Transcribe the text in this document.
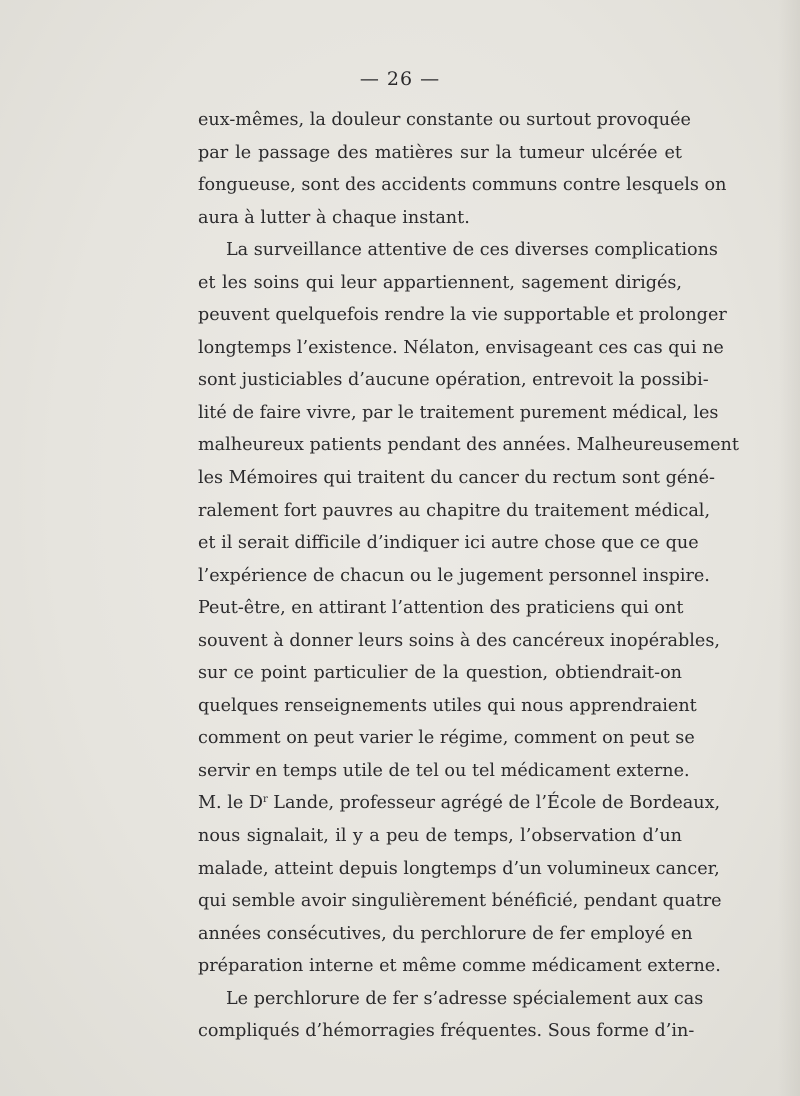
— 26 —
eux-mêmes, la douleur constante ou surtout provoquée
par le passage des matières sur la tumeur ulcérée et
fongueuse, sont des accidents communs contre lesquels on
aura à lutter à chaque instant.
La surveillance attentive de ces diverses complications
et les soins qui leur appartiennent, sagement dirigés,
peuvent quelquefois rendre la vie supportable et prolonger
longtemps l’existence. Nélaton, envisageant ces cas qui ne
sont justiciables d’aucune opération, entrevoit la possibi-
lité de faire vivre, par le traitement purement médical, les
malheureux patients pendant des années. Malheureusement
les Mémoires qui traitent du cancer du rectum sont géné-
ralement fort pauvres au chapitre du traitement médical,
et il serait difficile d’indiquer ici autre chose que ce que
l’expérience de chacun ou le jugement personnel inspire.
Peut-être, en attirant l’attention des praticiens qui ont
souvent à donner leurs soins à des cancéreux inopérables,
sur ce point particulier de la question, obtiendrait-on
quelques renseignements utiles qui nous apprendraient
comment on peut varier le régime, comment on peut se
servir en temps utile de tel ou tel médicament externe.
M. le $D^r$ Lande, professeur agrégé de l’École de Bordeaux,
nous signalait, il y a peu de temps, l’observation d’un
malade, atteint depuis longtemps d’un volumineux cancer,
qui semble avoir singulièrement bénéficié, pendant quatre
années consécutives, du perchlorure de fer employé en
préparation interne et même comme médicament externe.
Le perchlorure de fer s’adresse spécialement aux cas
compliqués d’hémorragies fréquentes. Sous forme d’in-
